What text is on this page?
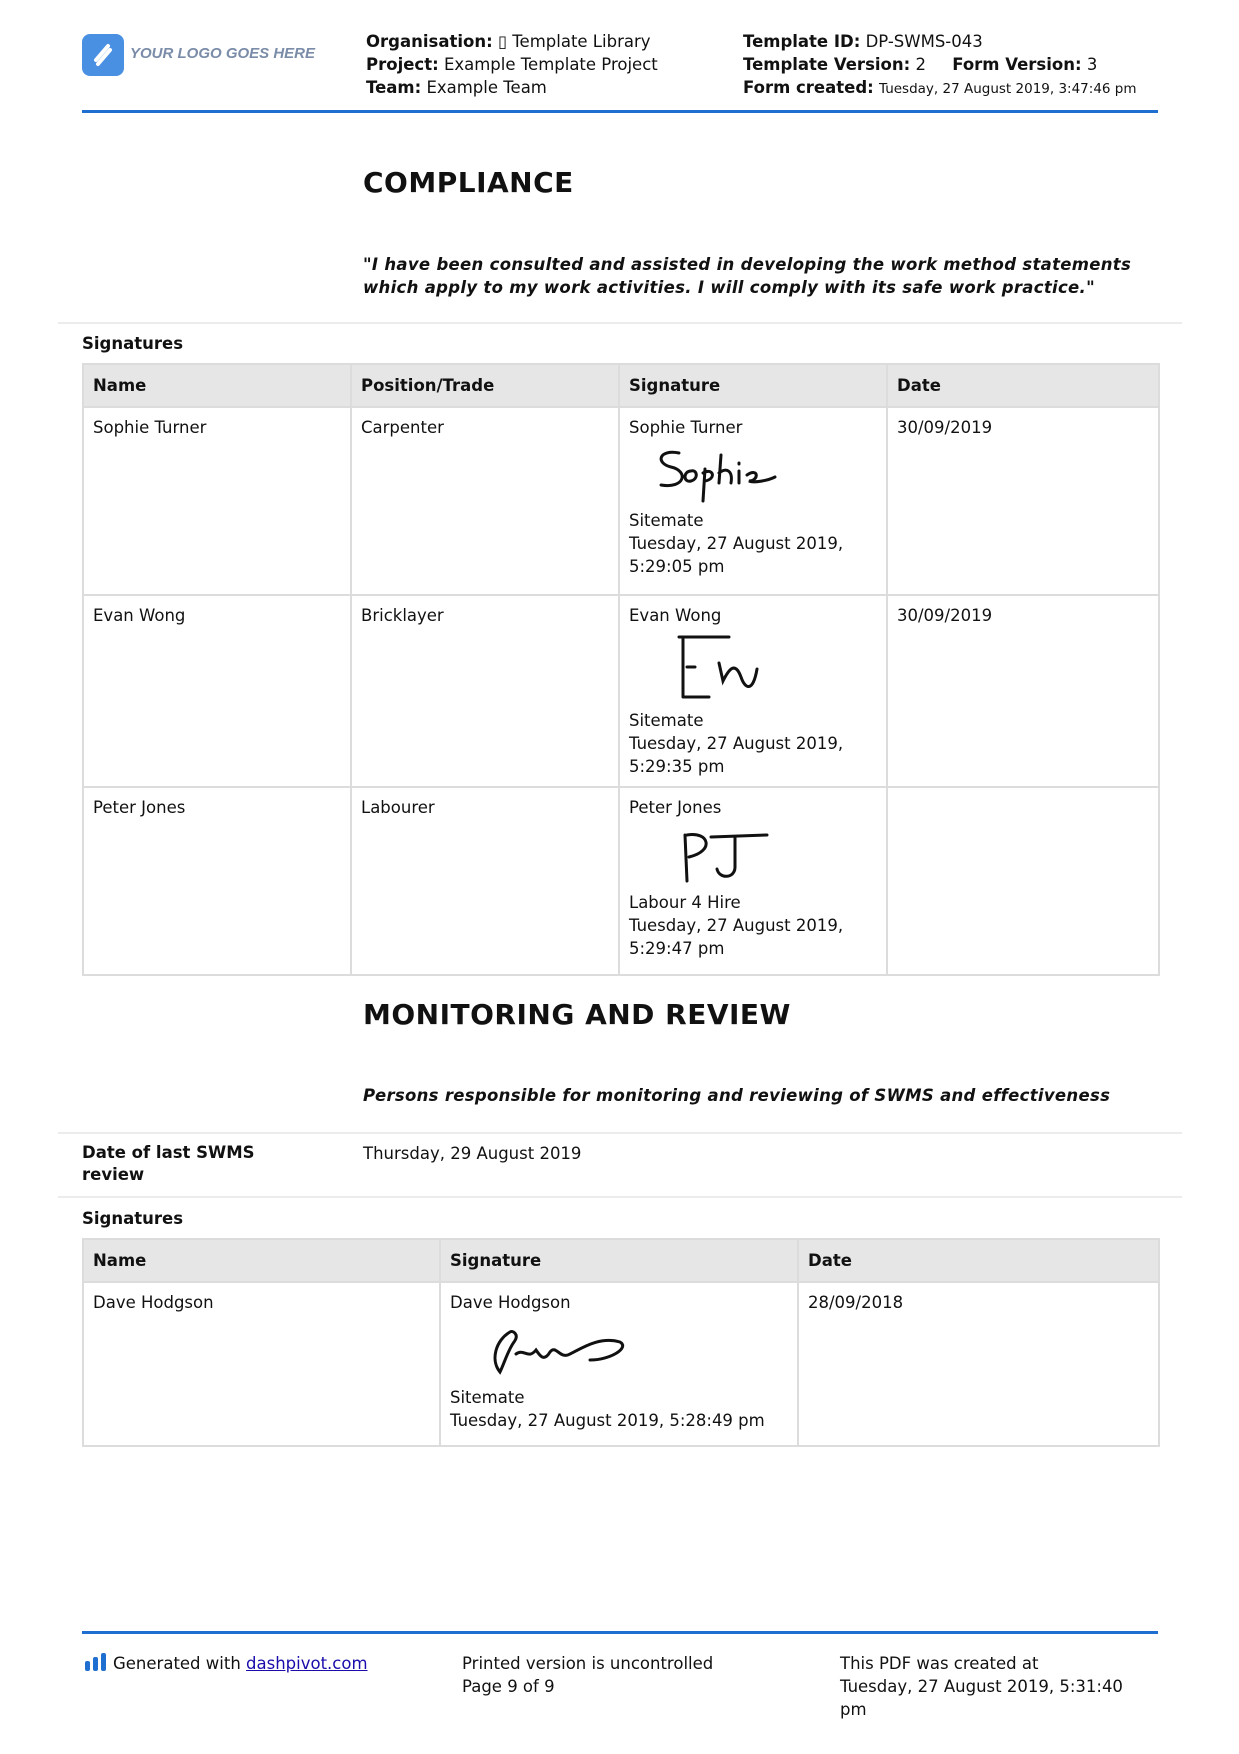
YOUR LOGO GOES HERE
Organisation: ▯ Template Library
Project: Example Template Project
Team: Example Team
Template ID: DP-SWMS-043
Template Version: 2 Form Version: 3
Form created: Tuesday, 27 August 2019, 3:47:46 pm
COMPLIANCE
"I have been consulted and assisted in developing the work method statements
which apply to my work activities. I will comply with its safe work practice."
Signatures
Name	Position/Trade	Signature	Date
Sophie Turner	Carpenter	Sophie Turner
Sitemate
Tuesday, 27 August 2019,
5:29:05 pm	30/09/2019
Evan Wong	Bricklayer	Evan Wong
Sitemate
Tuesday, 27 August 2019,
5:29:35 pm	30/09/2019
Peter Jones	Labourer	Peter Jones
Labour 4 Hire
Tuesday, 27 August 2019,
5:29:47 pm	

MONITORING AND REVIEW
Persons responsible for monitoring and reviewing of SWMS and effectiveness
Date of last SWMS
review
Thursday, 29 August 2019
Signatures
Name	Signature	Date
Dave Hodgson	Dave Hodgson
Sitemate
Tuesday, 27 August 2019, 5:28:49 pm	28/09/2018
Generated with dashpivot.com	Printed version is uncontrolled
Page 9 of 9
This PDF was created at
Tuesday, 27 August 2019, 5:31:40
pm
